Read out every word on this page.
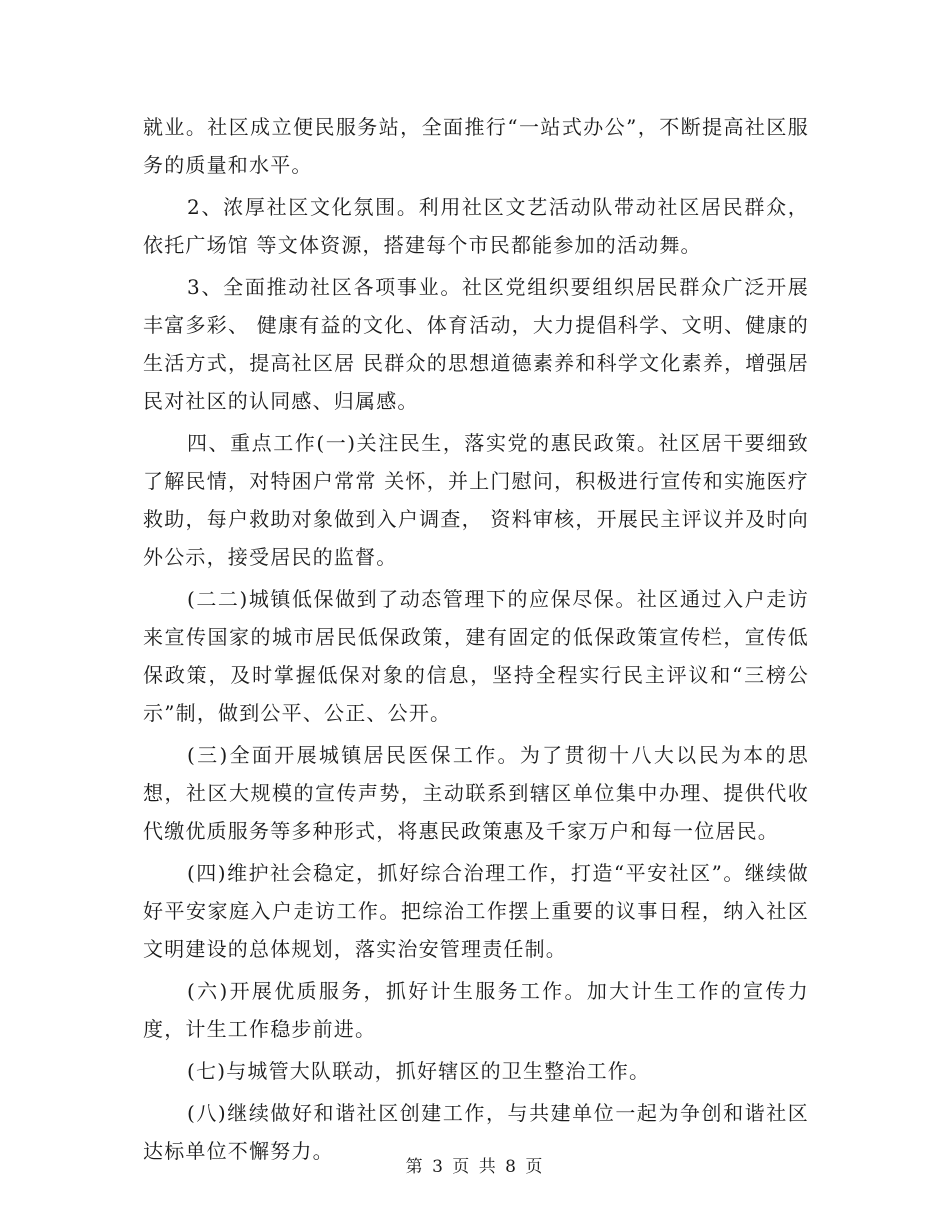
就业。社区成立便民服务站，全面推行“一站式办公”，不断提高社区服务的质量和水平。

2、浓厚社区文化氛围。利用社区文艺活动队带动社区居民群众，依托广场馆 等文体资源，搭建每个市民都能参加的活动舞。

3、全面推动社区各项事业。社区党组织要组织居民群众广泛开展丰富多彩、 健康有益的文化、体育活动，大力提倡科学、文明、健康的生活方式，提高社区居 民群众的思想道德素养和科学文化素养，增强居民对社区的认同感、归属感。

四、重点工作(一)关注民生，落实党的惠民政策。社区居干要细致了解民情，对特困户常常 关怀，并上门慰问，积极进行宣传和实施医疗救助，每户救助对象做到入户调查， 资料审核，开展民主评议并及时向外公示，接受居民的监督。

(二二)城镇低保做到了动态管理下的应保尽保。社区通过入户走访来宣传国家的城市居民低保政策，建有固定的低保政策宣传栏，宣传低保政策，及时掌握低保对象的信息，坚持全程实行民主评议和“三榜公示”制，做到公平、公正、公开。

(三)全面开展城镇居民医保工作。为了贯彻十八大以民为本的思想，社区大规模的宣传声势，主动联系到辖区单位集中办理、提供代收代缴优质服务等多种形式，将惠民政策惠及千家万户和每一位居民。

(四)维护社会稳定，抓好综合治理工作，打造“平安社区”。继续做好平安家庭入户走访工作。把综治工作摆上重要的议事日程，纳入社区文明建设的总体规划，落实治安管理责任制。

(六)开展优质服务，抓好计生服务工作。加大计生工作的宣传力度，计生工作稳步前进。

(七)与城管大队联动，抓好辖区的卫生整治工作。

(八)继续做好和谐社区创建工作，与共建单位一起为争创和谐社区达标单位不懈努力。

第 3 页 共 8 页
